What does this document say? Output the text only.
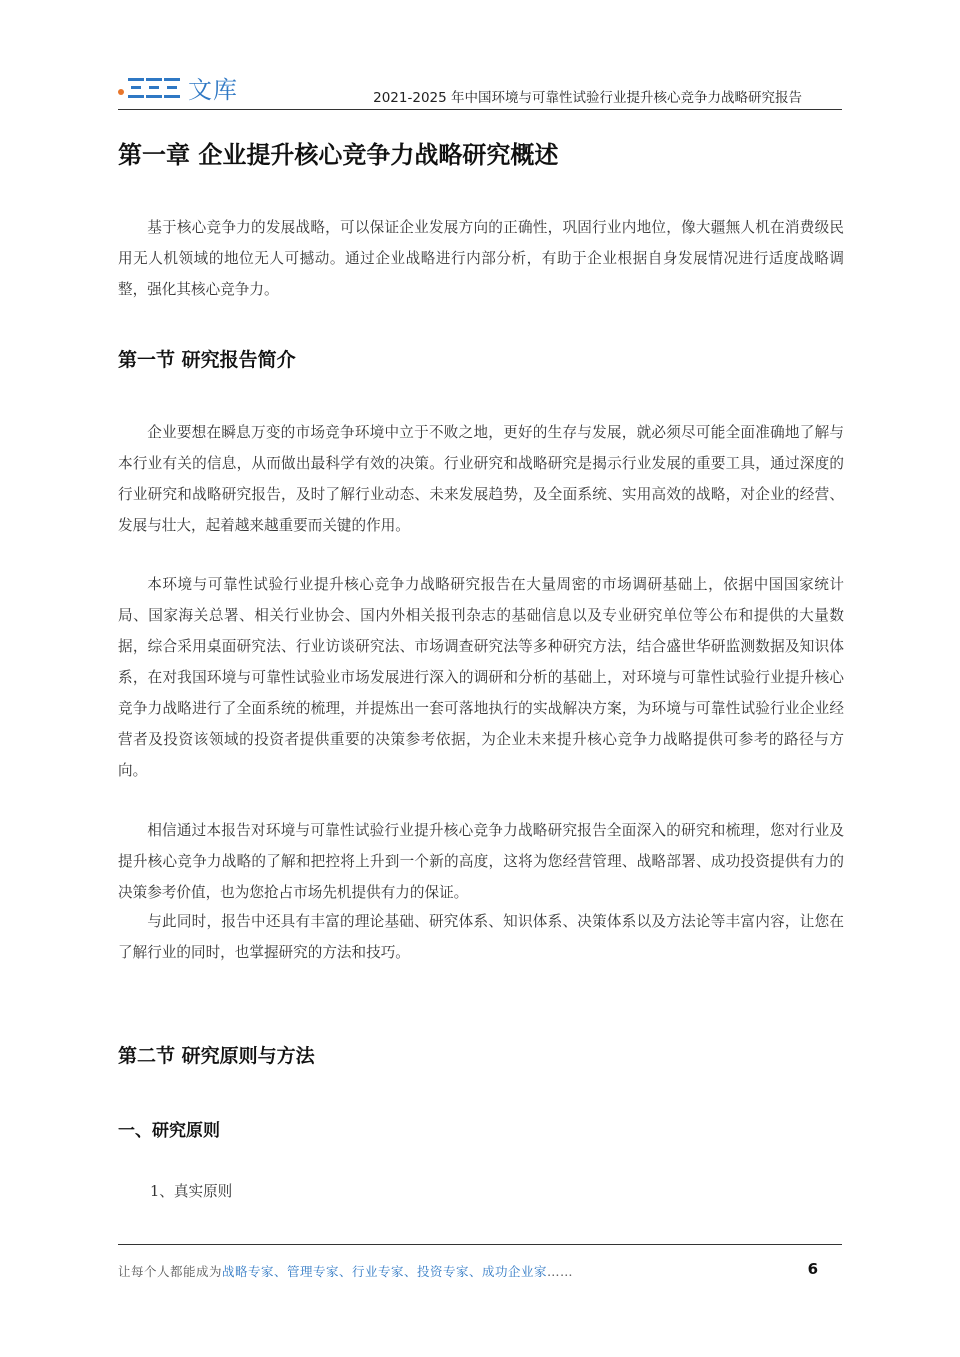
文库	2021-2025 年中国环境与可靠性试验行业提升核心竞争力战略研究报告
第一章 企业提升核心竞争力战略研究概述

基于核心竞争力的发展战略，可以保证企业发展方向的正确性，巩固行业内地位，像大疆無人机在消费级民用无人机领域的地位无人可撼动。通过企业战略进行内部分析，有助于企业根据自身发展情况进行适度战略调整，强化其核心竞争力。

第一节 研究报告简介

企业要想在瞬息万变的市场竞争环境中立于不败之地，更好的生存与发展，就必须尽可能全面准确地了解与本行业有关的信息，从而做出最科学有效的决策。行业研究和战略研究是揭示行业发展的重要工具，通过深度的行业研究和战略研究报告，及时了解行业动态、未来发展趋势，及全面系统、实用高效的战略，对企业的经营、发展与壮大，起着越来越重要而关键的作用。

本环境与可靠性试验行业提升核心竞争力战略研究报告在大量周密的市场调研基础上，依据中国国家统计局、国家海关总署、相关行业协会、国内外相关报刊杂志的基础信息以及专业研究单位等公布和提供的大量数据，综合采用桌面研究法、行业访谈研究法、市场调查研究法等多种研究方法，结合盛世华研监测数据及知识体系，在对我国环境与可靠性试验业市场发展进行深入的调研和分析的基础上，对环境与可靠性试验行业提升核心竞争力战略进行了全面系统的梳理，并提炼出一套可落地执行的实战解决方案，为环境与可靠性试验行业企业经营者及投资该领域的投资者提供重要的决策参考依据，为企业未来提升核心竞争力战略提供可参考的路径与方向。

相信通过本报告对环境与可靠性试验行业提升核心竞争力战略研究报告全面深入的研究和梳理，您对行业及提升核心竞争力战略的了解和把控将上升到一个新的高度，这将为您经营管理、战略部署、成功投资提供有力的决策参考价值，也为您抢占市场先机提供有力的保证。

与此同时，报告中还具有丰富的理论基础、研究体系、知识体系、决策体系以及方法论等丰富内容，让您在了解行业的同时，也掌握研究的方法和技巧。

第二节 研究原则与方法
一、研究原则
1、真实原则
让每个人都能成为战略专家、管理专家、行业专家、投资专家、成功企业家……	6
